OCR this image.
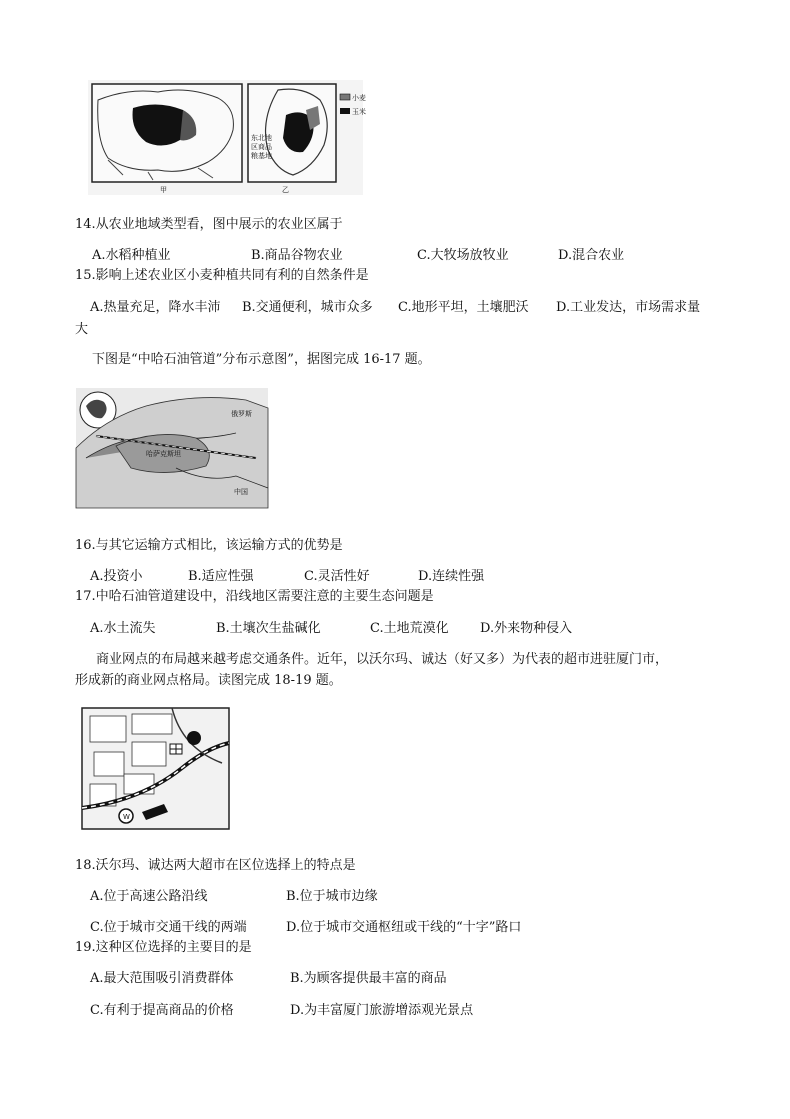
甲	乙
东北地
区商品
粮基地
小麦
玉米
14.从农业地域类型看，图中展示的农业区属于
A.水稻种植业	B.商品谷物农业	C.大牧场放牧业	D.混合农业
15.影响上述农业区小麦种植共同有利的自然条件是
A.热量充足，降水丰沛 B.交通便利，城市众多 C.地形平坦，土壤肥沃 D.工业发达，市场需求量
大
下图是“中哈石油管道”分布示意图”，据图完成 16-17 题。
俄罗斯
哈萨克斯坦
中国
16.与其它运输方式相比，该运输方式的优势是
A.投资小	B.适应性强	C.灵活性好	D.连续性强
17.中哈石油管道建设中，沿线地区需要注意的主要生态问题是
A.水土流失	B.土壤次生盐碱化	C.土地荒漠化 D.外来物种侵入
商业网点的布局越来越考虑交通条件。近年，以沃尔玛、诚达（好又多）为代表的超市进驻厦门市，
形成新的商业网点格局。读图完成 18-19 题。
W
18.沃尔玛、诚达两大超市在区位选择上的特点是
A.位于高速公路沿线	B.位于城市边缘
C.位于城市交通干线的两端	D.位于城市交通枢纽或干线的“十字”路口
19.这种区位选择的主要目的是
A.最大范围吸引消费群体	B.为顾客提供最丰富的商品
C.有利于提高商品的价格	D.为丰富厦门旅游增添观光景点
